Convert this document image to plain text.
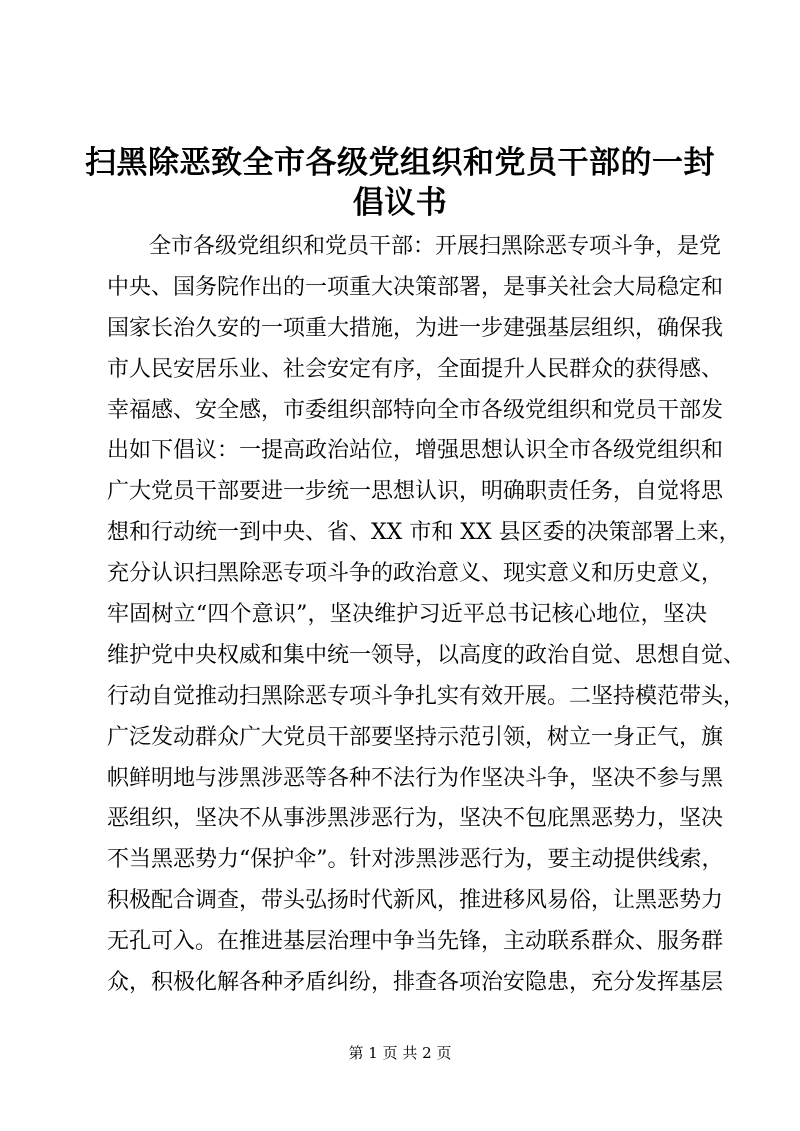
扫黑除恶致全市各级党组织和党员干部的一封
倡议书
全市各级党组织和党员干部：开展扫黑除恶专项斗争，是党
中央、国务院作出的一项重大决策部署，是事关社会大局稳定和
国家长治久安的一项重大措施，为进一步建强基层组织，确保我
市人民安居乐业、社会安定有序，全面提升人民群众的获得感、
幸福感、安全感，市委组织部特向全市各级党组织和党员干部发
出如下倡议：一提高政治站位，增强思想认识全市各级党组织和
广大党员干部要进一步统一思想认识，明确职责任务，自觉将思
想和行动统一到中央、省、XX 市和 XX 县区委的决策部署上来，
充分认识扫黑除恶专项斗争的政治意义、现实意义和历史意义，
牢固树立“四个意识”，坚决维护习近平总书记核心地位，坚决
维护党中央权威和集中统一领导，以高度的政治自觉、思想自觉、
行动自觉推动扫黑除恶专项斗争扎实有效开展。二坚持模范带头，
广泛发动群众广大党员干部要坚持示范引领，树立一身正气，旗
帜鲜明地与涉黑涉恶等各种不法行为作坚决斗争，坚决不参与黑
恶组织，坚决不从事涉黑涉恶行为，坚决不包庇黑恶势力，坚决
不当黑恶势力“保护伞”。针对涉黑涉恶行为，要主动提供线索，
积极配合调查，带头弘扬时代新风，推进移风易俗，让黑恶势力
无孔可入。在推进基层治理中争当先锋，主动联系群众、服务群
众，积极化解各种矛盾纠纷，排查各项治安隐患，充分发挥基层
第 1 页 共 2 页
